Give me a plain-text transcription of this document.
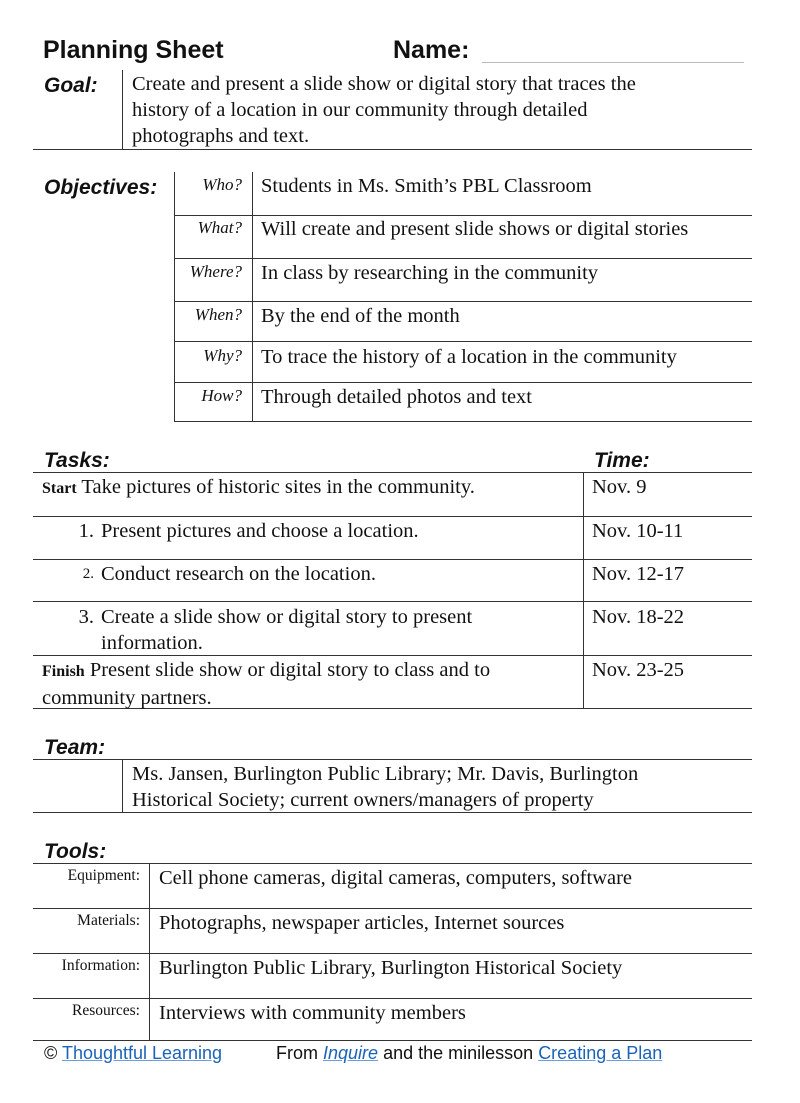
Planning Sheet	Name:
Goal: Create and present a slide show or digital story that traces the
history of a location in our community through detailed
photographs and text.
Objectives:	Who? Students in Ms. Smith’s PBL Classroom
What? Will create and present slide shows or digital stories
Where? In class by researching in the community
When? By the end of the month
Why? To trace the history of a location in the community
How? Through detailed photos and text
Tasks:	Time:
Start Take pictures of historic sites in the community.	Nov. 9
1. Present pictures and choose a location.	Nov. 10-11
2. Conduct research on the location.	Nov. 12-17
3. Create a slide show or digital story to present
information.
Nov. 18-22
Finish Present slide show or digital story to class and to
community partners.
Nov. 23-25
Team:
Ms. Jansen, Burlington Public Library; Mr. Davis, Burlington
Historical Society; current owners/managers of property
Tools:
Equipment: Cell phone cameras, digital cameras, computers, software
Materials: Photographs, newspaper articles, Internet sources
Information: Burlington Public Library, Burlington Historical Society
Resources: Interviews with community members
© Thoughtful Learning	From Inquire and the minilesson Creating a Plan
